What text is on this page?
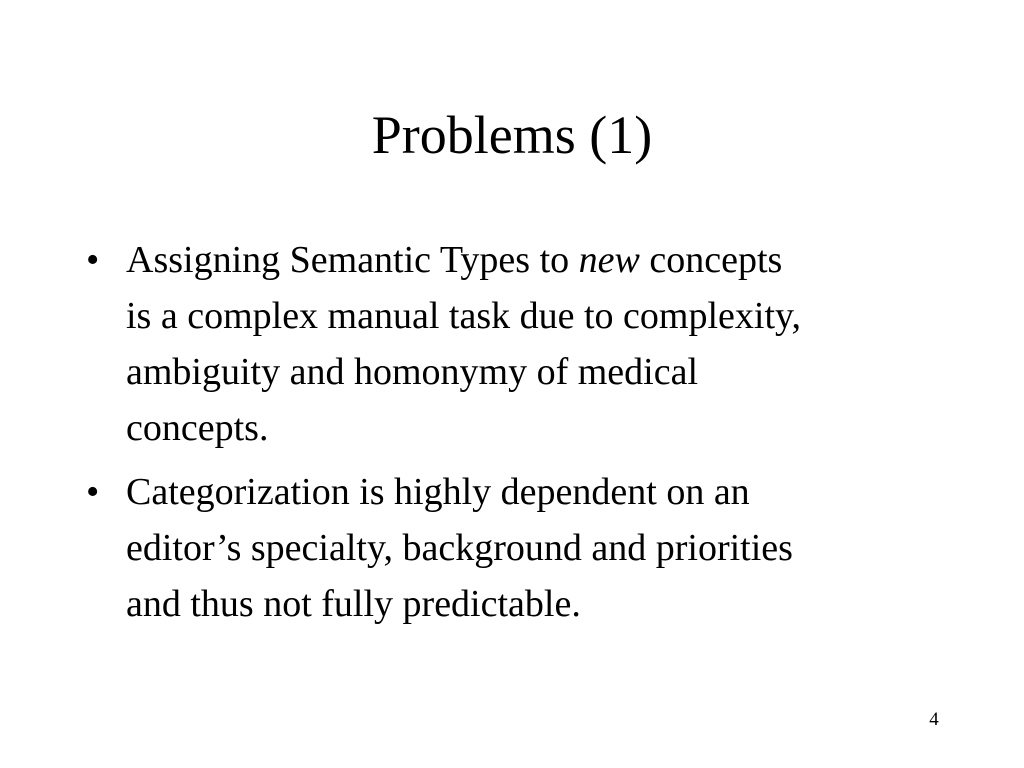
Problems (1)
• Assigning Semantic Types to new concepts
is a complex manual task due to complexity,
ambiguity and homonymy of medical
concepts.
• Categorization is highly dependent on an
editor’s specialty, background and priorities
and thus not fully predictable.
4
